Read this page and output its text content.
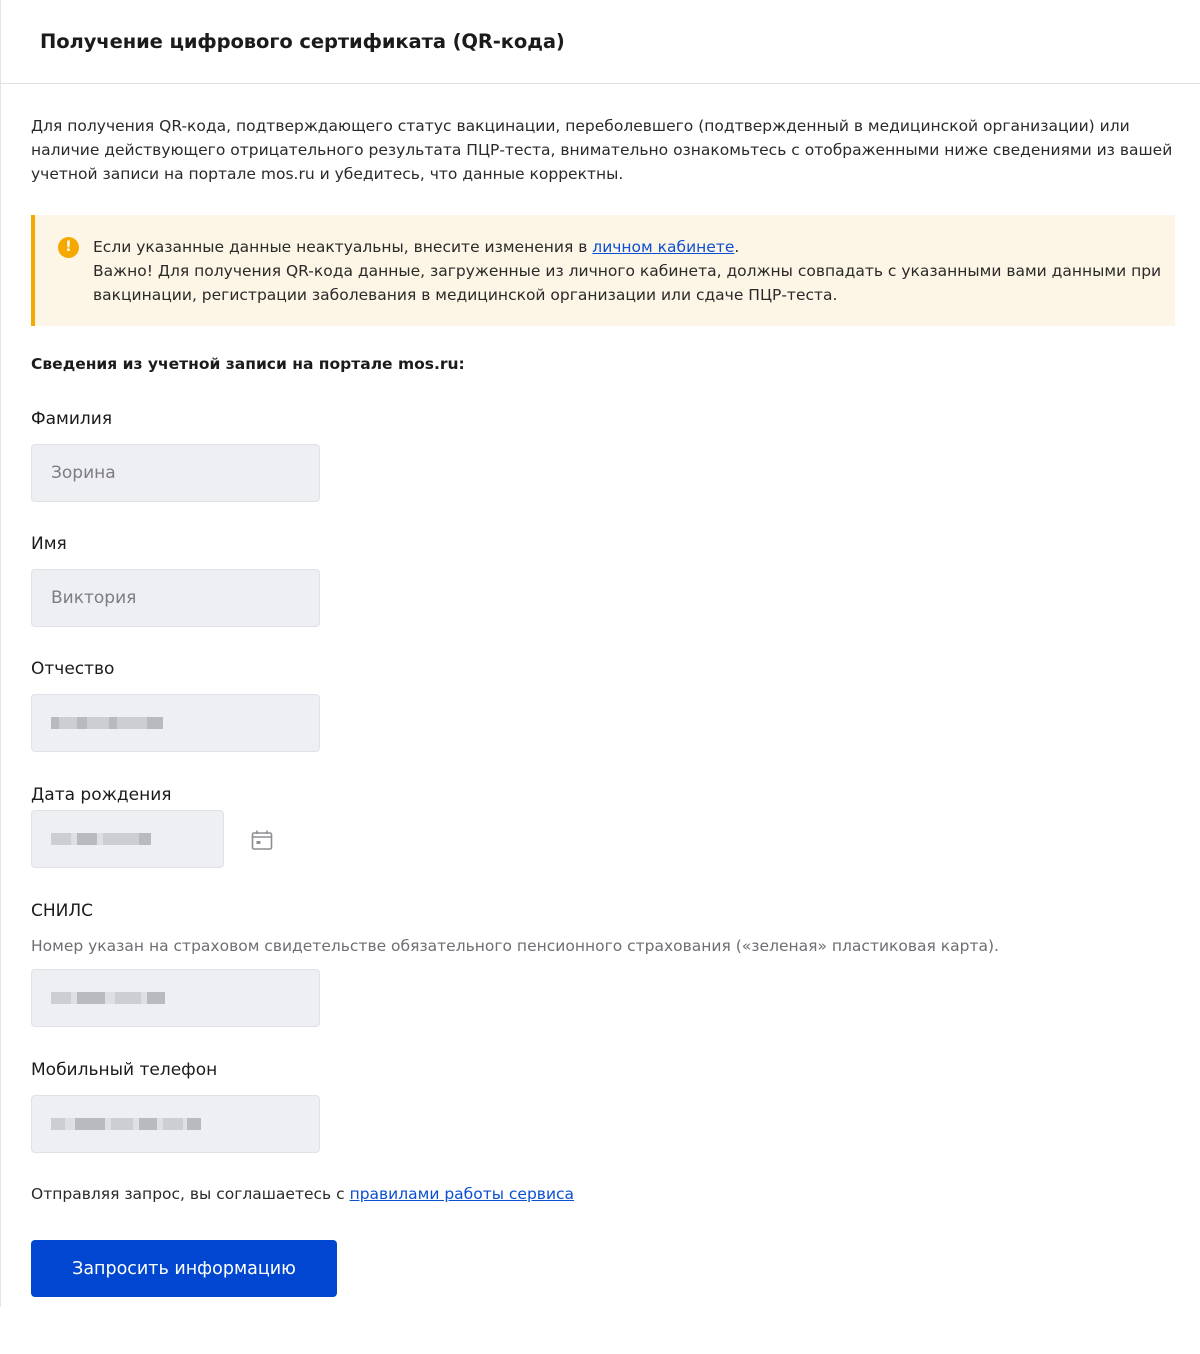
Получение цифрового сертификата (QR-кода)
Для получения QR-кода, подтверждающего статус вакцинации, переболевшего (подтвержденный в медицинской организации) или наличие действующего отрицательного результата ПЦР-теста, внимательно ознакомьтесь с отображенными ниже сведениями из вашей учетной записи на портале mos.ru и убедитесь, что данные корректны.
!	Если указанные данные неактуальны, внесите изменения в личном кабинете.
Важно! Для получения QR-кода данные, загруженные из личного кабинета, должны совпадать с указанными вами данными при вакцинации, регистрации заболевания в медицинской организации или сдаче ПЦР-теста.
Сведения из учетной записи на портале mos.ru:
Фамилия
Зорина
Имя
Виктория
Отчество
Дата рождения
СНИЛС
Номер указан на страховом свидетельстве обязательного пенсионного страхования («зеленая» пластиковая карта).
Мобильный телефон
Отправляя запрос, вы соглашаетесь с правилами работы сервиса
Запросить информацию
